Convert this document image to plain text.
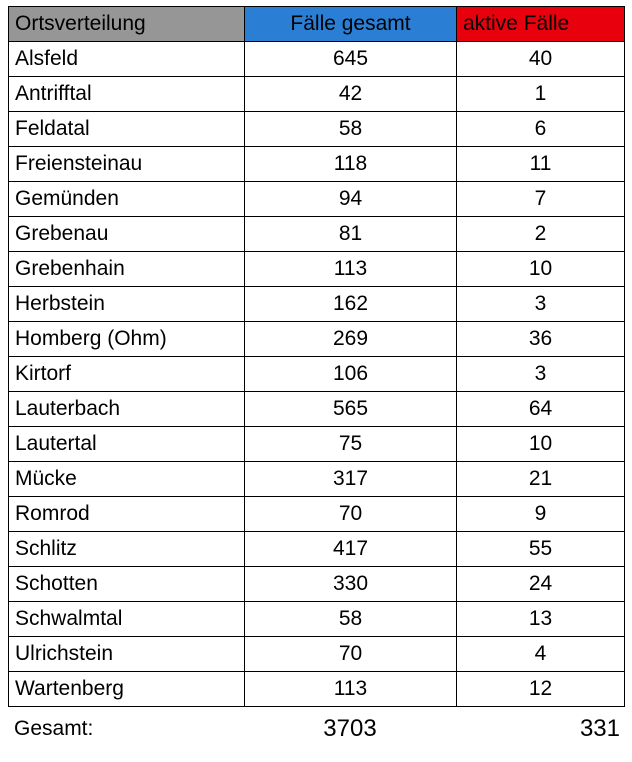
Ortsverteilung	Fälle gesamt	aktive Fälle
Alsfeld	645	40
Antrifftal	42	1
Feldatal	58	6
Freiensteinau	118	11
Gemünden	94	7
Grebenau	81	2
Grebenhain	113	10
Herbstein	162	3
Homberg (Ohm)	269	36
Kirtorf	106	3
Lauterbach	565	64
Lautertal	75	10
Mücke	317	21
Romrod	70	9
Schlitz	417	55
Schotten	330	24
Schwalmtal	58	13
Ulrichstein	70	4
Wartenberg	113	12
Gesamt:	3703	331
